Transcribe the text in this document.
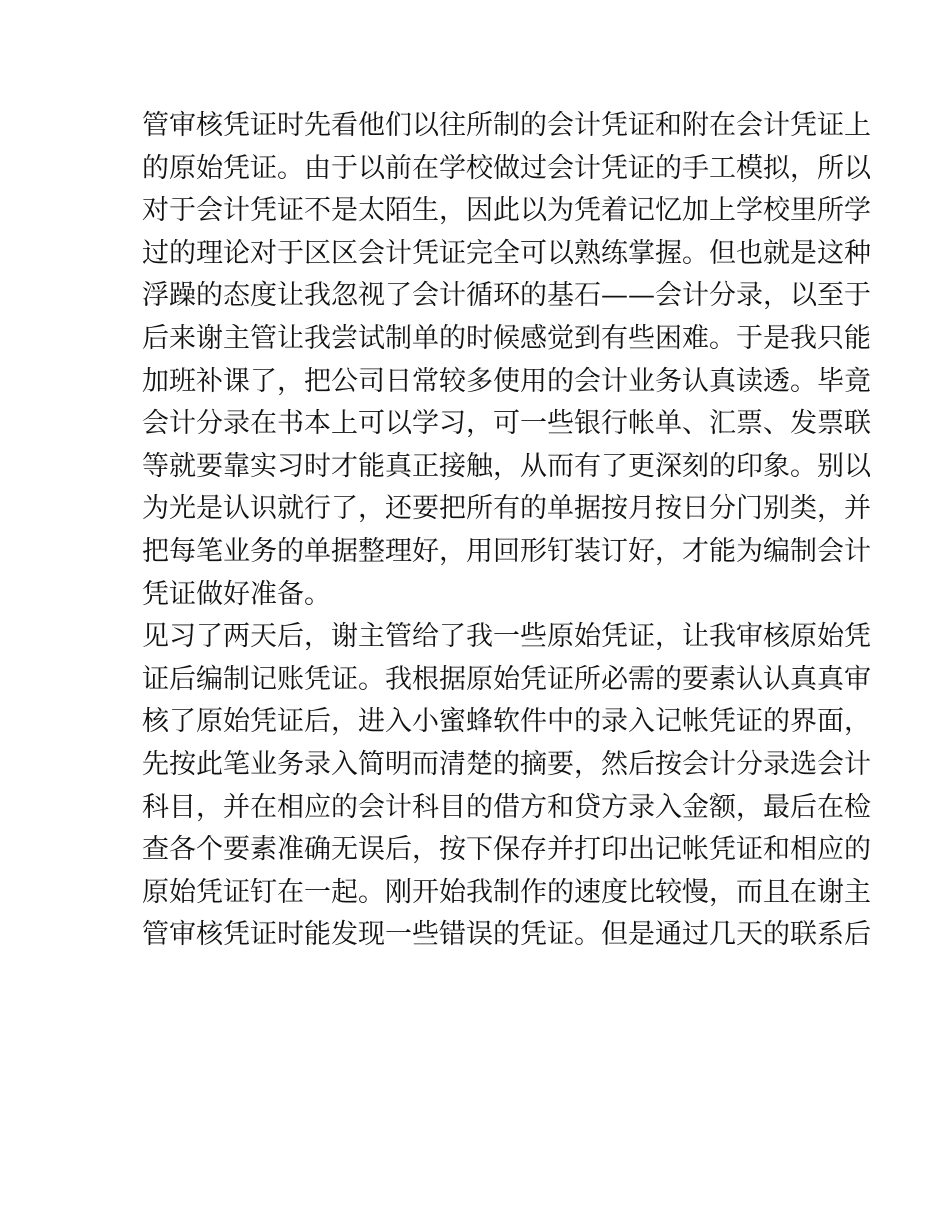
管审核凭证时先看他们以往所制的会计凭证和附在会计凭证上
的原始凭证。由于以前在学校做过会计凭证的手工模拟，所以
对于会计凭证不是太陌生，因此以为凭着记忆加上学校里所学
过的理论对于区区会计凭证完全可以熟练掌握。但也就是这种
浮躁的态度让我忽视了会计循环的基石——会计分录，以至于
后来谢主管让我尝试制单的时候感觉到有些困难。于是我只能
加班补课了，把公司日常较多使用的会计业务认真读透。毕竟
会计分录在书本上可以学习，可一些银行帐单、汇票、发票联
等就要靠实习时才能真正接触，从而有了更深刻的印象。别以
为光是认识就行了，还要把所有的单据按月按日分门别类，并
把每笔业务的单据整理好，用回形钉装订好，才能为编制会计
凭证做好准备。
见习了两天后，谢主管给了我一些原始凭证，让我审核原始凭
证后编制记账凭证。我根据原始凭证所必需的要素认认真真审
核了原始凭证后，进入小蜜蜂软件中的录入记帐凭证的界面，
先按此笔业务录入简明而清楚的摘要，然后按会计分录选会计
科目，并在相应的会计科目的借方和贷方录入金额，最后在检
查各个要素准确无误后，按下保存并打印出记帐凭证和相应的
原始凭证钉在一起。刚开始我制作的速度比较慢，而且在谢主
管审核凭证时能发现一些错误的凭证。但是通过几天的联系后
